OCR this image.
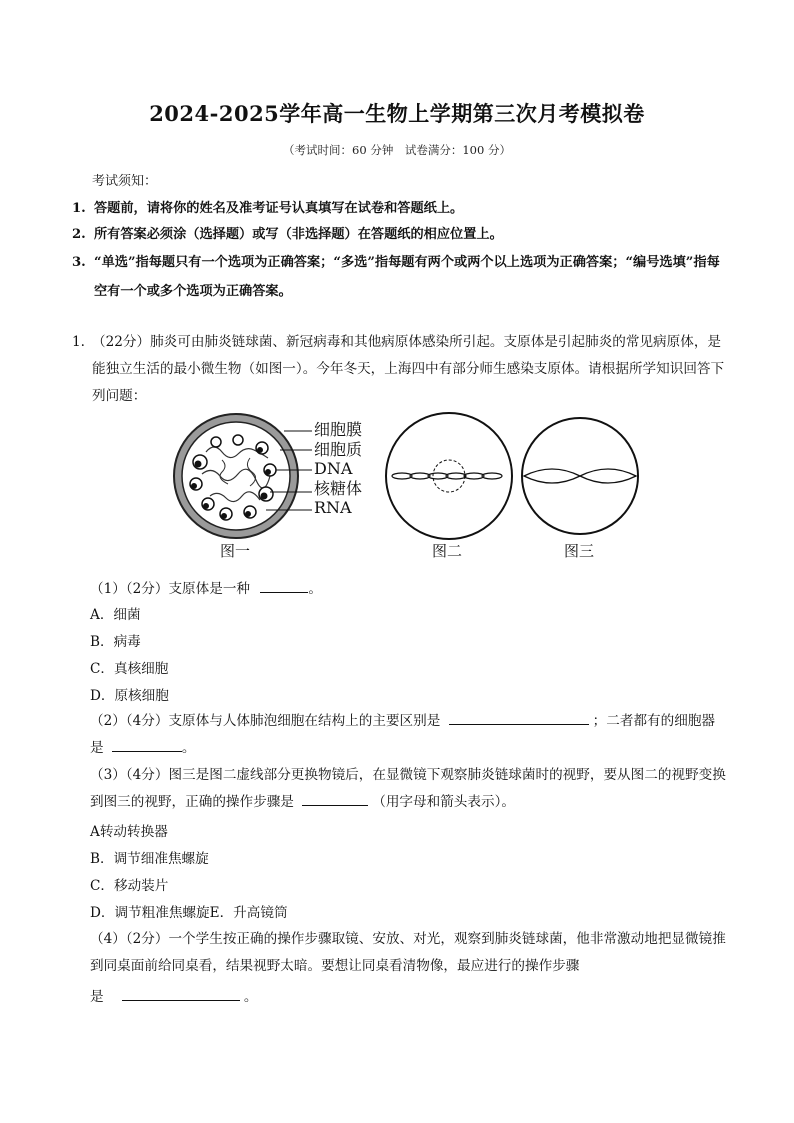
2024-2025学年高一生物上学期第三次月考模拟卷
（考试时间：60 分钟　试卷满分：100 分）
考试须知：
1. 答题前，请将你的姓名及准考证号认真填写在试卷和答题纸上。
2. 所有答案必须涂（选择题）或写（非选择题）在答题纸的相应位置上。
3. “单选”指每题只有一个选项为正确答案；“多选”指每题有两个或两个以上选项为正确答案；“编号选填”指每空有一个或多个选项为正确答案。
1. （22分）肺炎可由肺炎链球菌、新冠病毒和其他病原体感染所引起。支原体是引起肺炎的常见病原体，是能独立生活的最小微生物（如图一）。今年冬天，上海四中有部分师生感染支原体。请根据所学知识回答下列问题：
细胞膜
细胞质
DNA
核糖体
RNA
图一	图二	图三
（1）（2分）支原体是一种	。
A．细菌
B．病毒
C．真核细胞
D．原核细胞
（2）（4分）支原体与人体肺泡细胞在结构上的主要区别是	；二者都有的细胞器是	。
（3）（4分）图三是图二虚线部分更换物镜后，在显微镜下观察肺炎链球菌时的视野，要从图二的视野变换到图三的视野，正确的操作步骤是	（用字母和箭头表示）。
A转动转换器
B．调节细准焦螺旋
C．移动装片
D．调节粗准焦螺旋E．升高镜筒
（4）（2分）一个学生按正确的操作步骤取镜、安放、对光，观察到肺炎链球菌，他非常激动地把显微镜推到同桌面前给同桌看，结果视野太暗。要想让同桌看清物像，最应进行的操作步骤
是	。
